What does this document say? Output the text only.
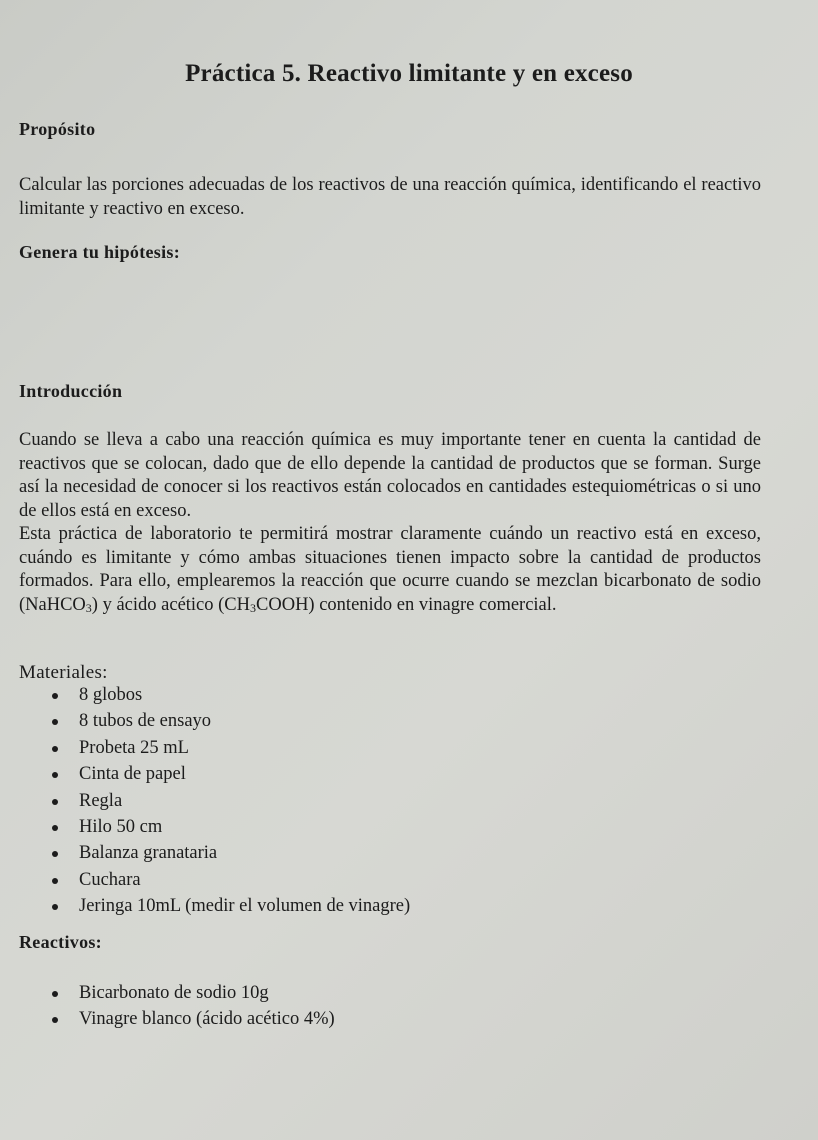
Práctica 5. Reactivo limitante y en exceso
Propósito

Calcular las porciones adecuadas de los reactivos de una reacción química, identificando el reactivo limitante y reactivo en exceso.

Genera tu hipótesis:
Introducción

Cuando se lleva a cabo una reacción química es muy importante tener en cuenta la cantidad de reactivos que se colocan, dado que de ello depende la cantidad de productos que se forman. Surge así la necesidad de conocer si los reactivos están colocados en cantidades estequiométricas o si uno de ellos está en exceso.

Esta práctica de laboratorio te permitirá mostrar claramente cuándo un reactivo está en exceso, cuándo es limitante y cómo ambas situaciones tienen impacto sobre la cantidad de productos formados. Para ello, emplearemos la reacción que ocurre cuando se mezclan bicarbonato de sodio (NaHCO$_3$) y ácido acético $(CH_3COOH)$ contenido en vinagre comercial.

Materiales:
8 globos
8 tubos de ensayo
Probeta 25 mL
Cinta de papel
Regla
Hilo 50 cm
Balanza granataria
Cuchara
Jeringa 10mL (medir el volumen de vinagre)
Reactivos:
Bicarbonato de sodio 10g
Vinagre blanco (ácido acético 4%)
